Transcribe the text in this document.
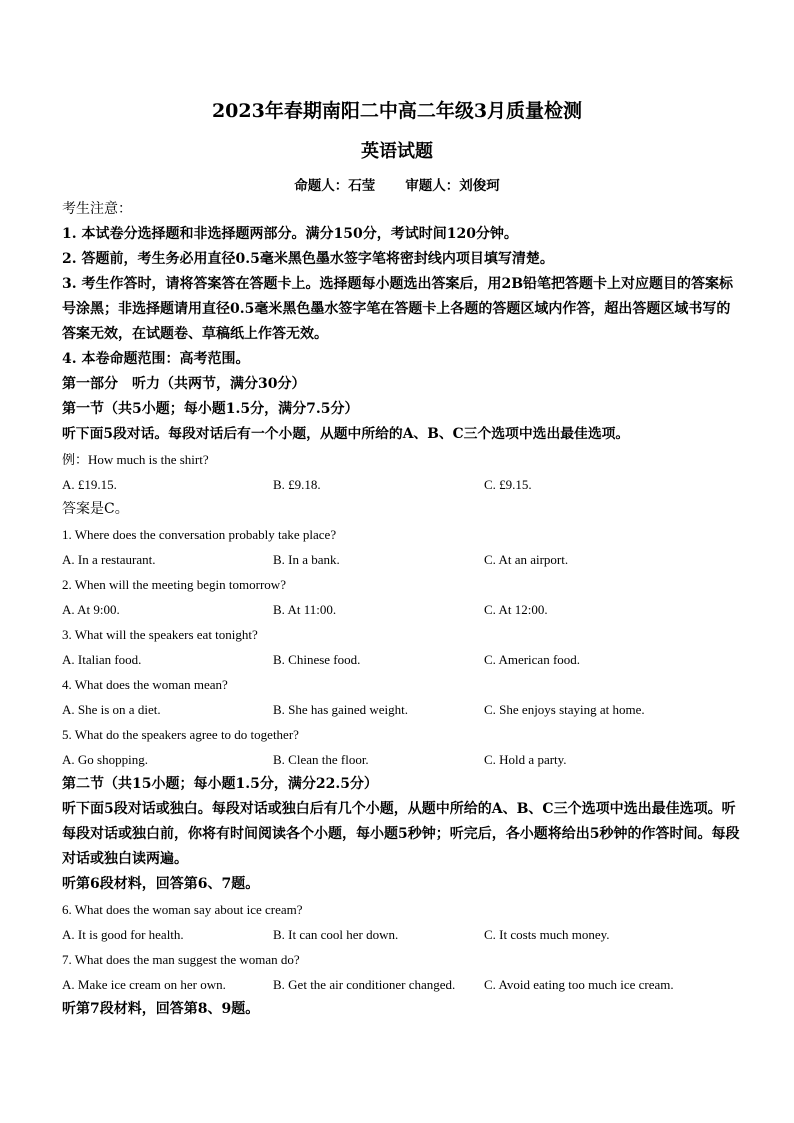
2023年春期南阳二中高二年级3月质量检测
英语试题
命题人：石莹 审题人：刘俊珂
考生注意：
1. 本试卷分选择题和非选择题两部分。满分150分，考试时间120分钟。
2. 答题前，考生务必用直径0.5毫米黑色墨水签字笔将密封线内项目填写清楚。
3. 考生作答时，请将答案答在答题卡上。选择题每小题选出答案后，用2B铅笔把答题卡上对应题目的答案标号涂黑；非选择题请用直径0.5毫米黑色墨水签字笔在答题卡上各题的答题区域内作答，超出答题区域书写的答案无效，在试题卷、草稿纸上作答无效。
4. 本卷命题范围：高考范围。
第一部分　听力（共两节，满分30分）
第一节（共5小题；每小题1.5分，满分7.5分）
听下面5段对话。每段对话后有一个小题，从题中所给的A、B、C三个选项中选出最佳选项。
例：How much is the shirt?
A. £19.15.	B. £9.18.	C. £9.15.
答案是C。
1. Where does the conversation probably take place?
A. In a restaurant.	B. In a bank.	C. At an airport.
2. When will the meeting begin tomorrow?
A. At 9:00.	B. At 11:00.	C. At 12:00.
3. What will the speakers eat tonight?
A. Italian food.	B. Chinese food.	C. American food.
4. What does the woman mean?
A. She is on a diet.	B. She has gained weight.	C. She enjoys staying at home.
5. What do the speakers agree to do together?
A. Go shopping.	B. Clean the floor.	C. Hold a party.
第二节（共15小题；每小题1.5分，满分22.5分）
听下面5段对话或独白。每段对话或独白后有几个小题，从题中所给的A、B、C三个选项中选出最佳选项。听每段对话或独白前，你将有时间阅读各个小题，每小题5秒钟；听完后，各小题将给出5秒钟的作答时间。每段对话或独白读两遍。
听第6段材料，回答第6、7题。
6. What does the woman say about ice cream?
A. It is good for health.	B. It can cool her down.	C. It costs much money.
7. What does the man suggest the woman do?
A. Make ice cream on her own.	B. Get the air conditioner changed. C. Avoid eating too much ice cream.
听第7段材料，回答第8、9题。
